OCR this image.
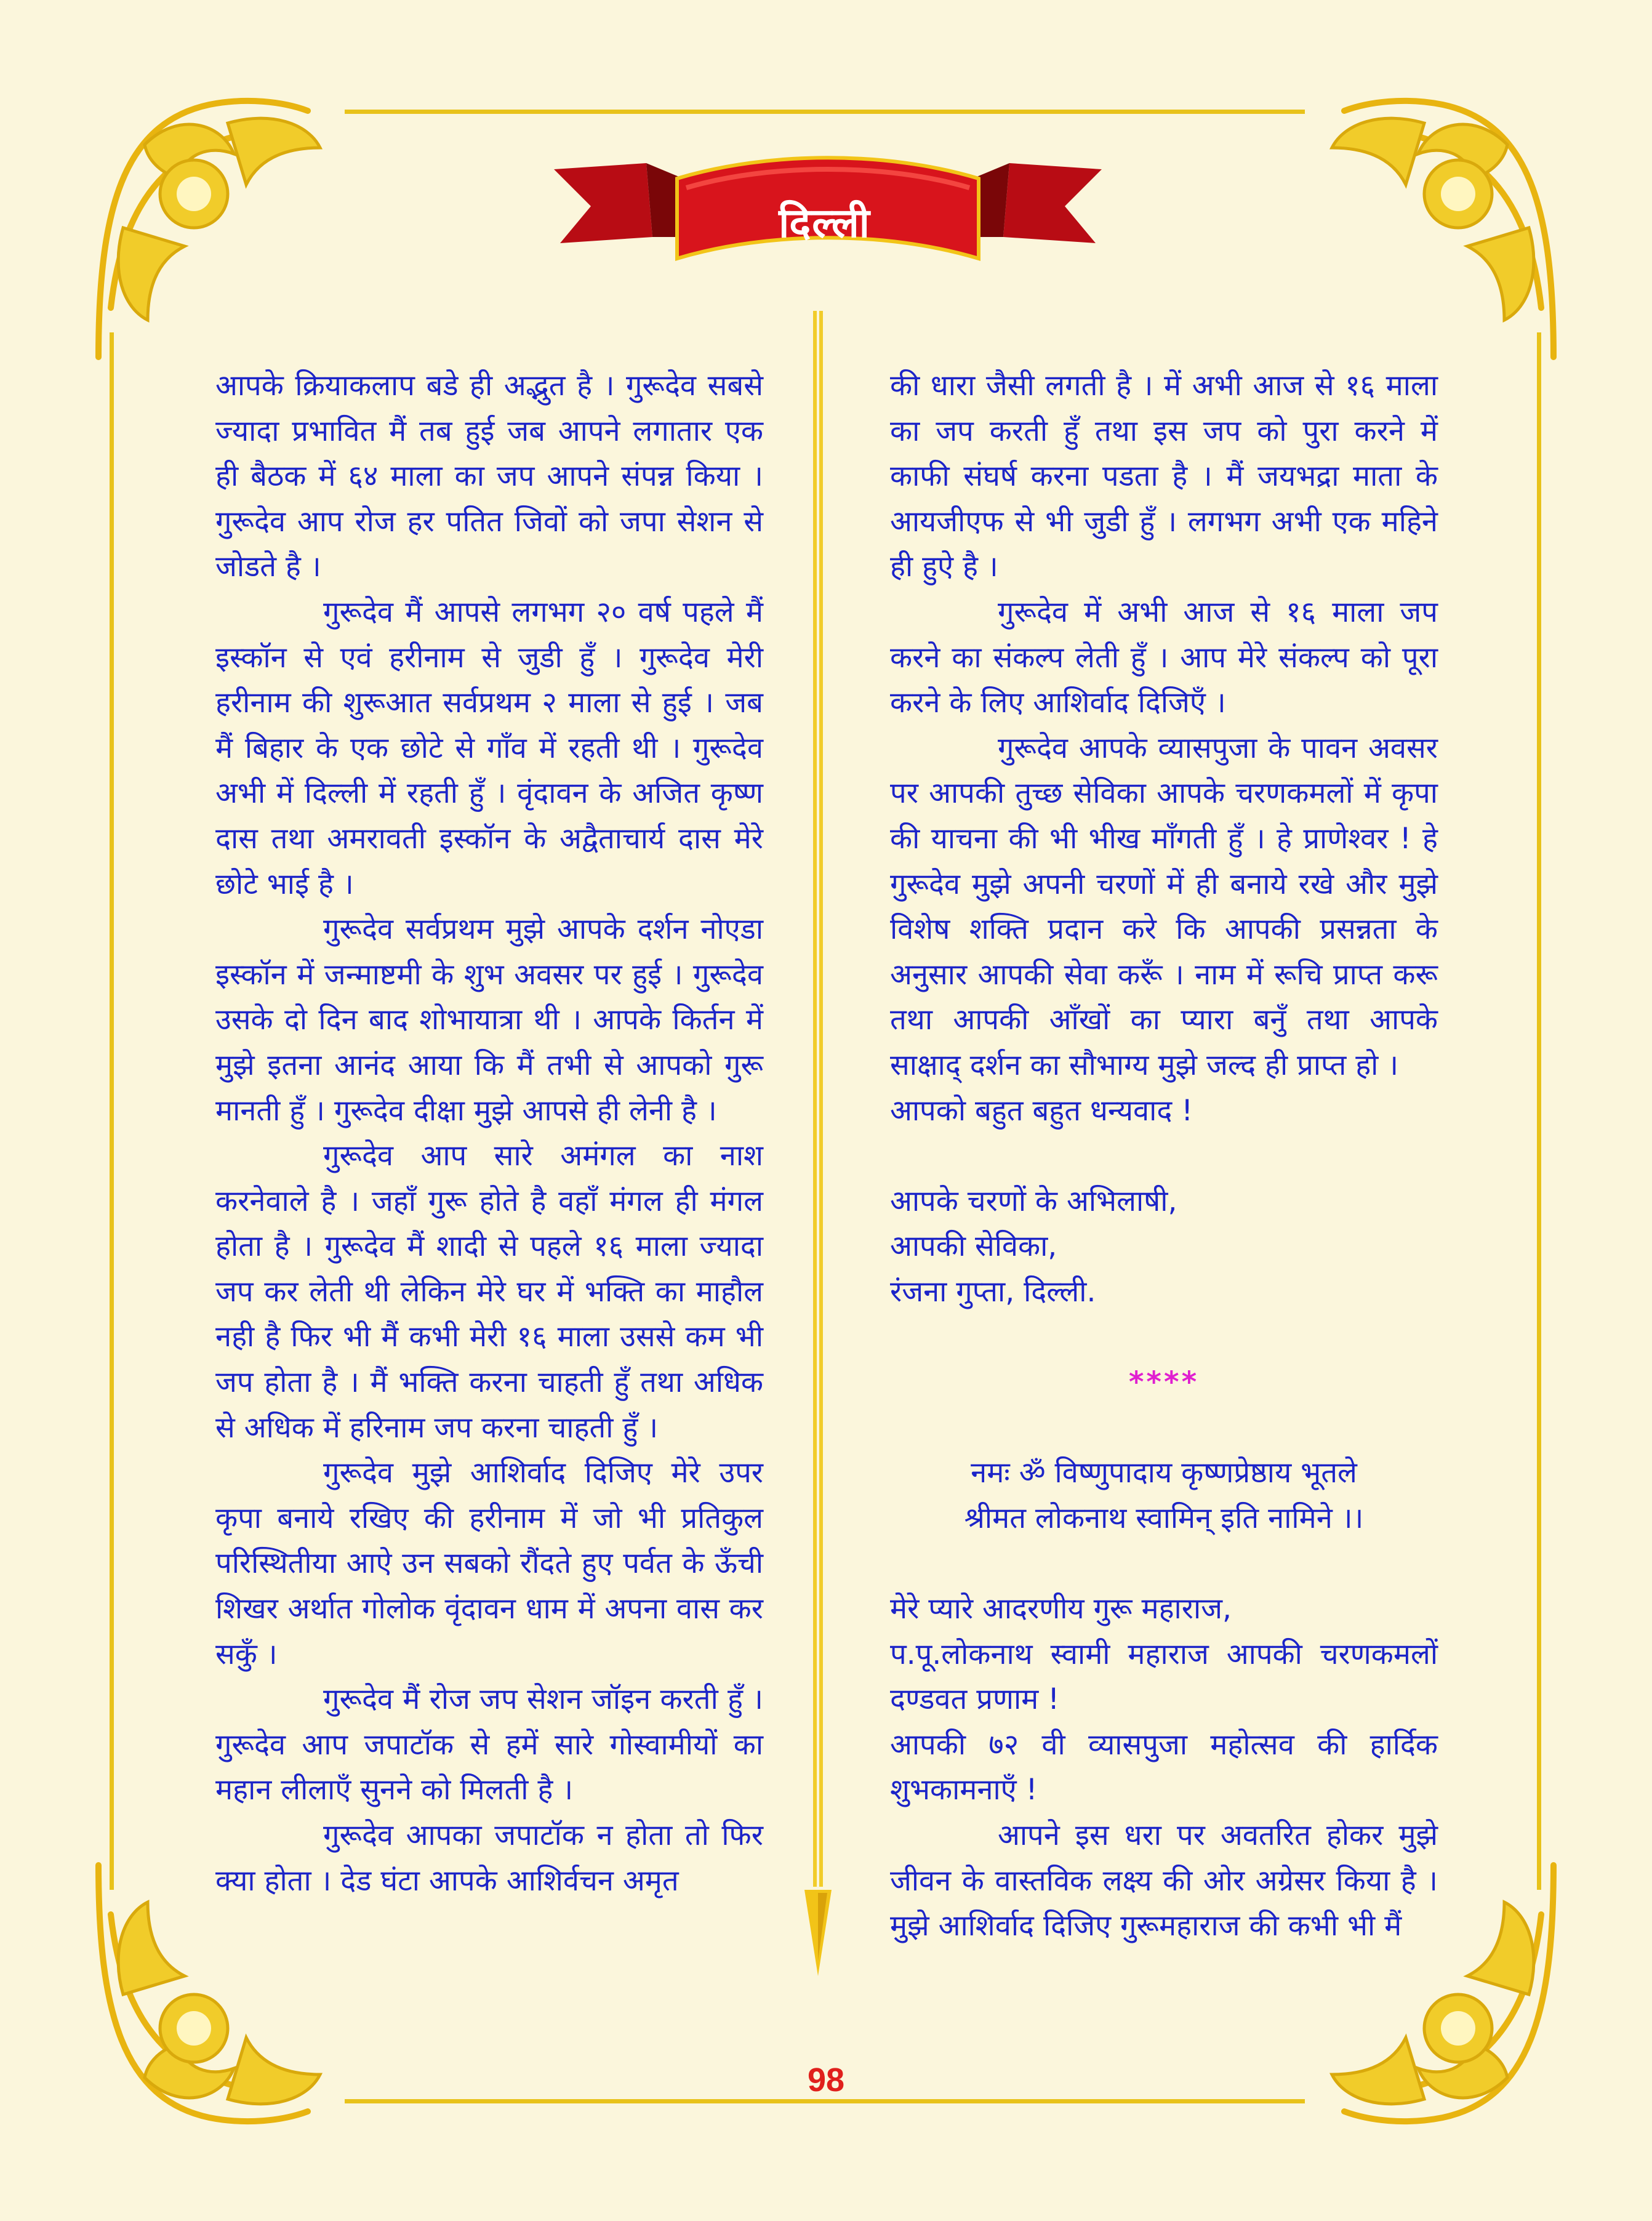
दिल्ली

आपके क्रियाकलाप बडे ही अद्भुत है । गुरूदेव सबसे ज्यादा प्रभावित मैं तब हुई जब आपने लगातार एक ही बैठक में ६४ माला का जप आपने संपन्न किया । गुरूदेव आप रोज हर पतित जिवों को जपा सेशन से जोडते है ।

गुरूदेव मैं आपसे लगभग २० वर्ष पहले मैं इस्कॉन से एवं हरीनाम से जुडी हुँ । गुरूदेव मेरी हरीनाम की शुरूआत सर्वप्रथम २ माला से हुई । जब मैं बिहार के एक छोटे से गाँव में रहती थी । गुरूदेव अभी में दिल्ली में रहती हुँ । वृंदावन के अजित कृष्ण दास तथा अमरावती इस्कॉन के अद्वैताचार्य दास मेरे छोटे भाई है ।

गुरूदेव सर्वप्रथम मुझे आपके दर्शन नोएडा इस्कॉन में जन्माष्टमी के शुभ अवसर पर हुई । गुरूदेव उसके दो दिन बाद शोभायात्रा थी । आपके किर्तन में मुझे इतना आनंद आया कि मैं तभी से आपको गुरू मानती हुँ । गुरूदेव दीक्षा मुझे आपसे ही लेनी है ।

गुरूदेव आप सारे अमंगल का नाश करनेवाले है । जहाँ गुरू होते है वहाँ मंगल ही मंगल होता है । गुरूदेव मैं शादी से पहले १६ माला ज्यादा जप कर लेती थी लेकिन मेरे घर में भक्ति का माहौल नही है फिर भी मैं कभी मेरी १६ माला उससे कम भी जप होता है । मैं भक्ति करना चाहती हुँ तथा अधिक से अधिक में हरिनाम जप करना चाहती हुँ ।

गुरूदेव मुझे आशिर्वाद दिजिए मेरे उपर कृपा बनाये रखिए की हरीनाम में जो भी प्रतिकुल परिस्थितीया आऐ उन सबको रौंदते हुए पर्वत के ऊँची शिखर अर्थात गोलोक वृंदावन धाम में अपना वास कर सकुँ ।

गुरूदेव मैं रोज जप सेशन जॉइन करती हुँ । गुरूदेव आप जपाटॉक से हमें सारे गोस्वामीयों का महान लीलाएँ सुनने को मिलती है ।

गुरूदेव आपका जपाटॉक न होता तो फिर क्या होता । देड घंटा आपके आशिर्वचन अमृत

की धारा जैसी लगती है । में अभी आज से १६ माला का जप करती हुँ तथा इस जप को पुरा करने में काफी संघर्ष करना पडता है । मैं जयभद्रा माता के आयजीएफ से भी जुडी हुँ । लगभग अभी एक महिने ही हुऐ है ।

गुरूदेव में अभी आज से १६ माला जप करने का संकल्प लेती हुँ । आप मेरे संकल्प को पूरा करने के लिए आशिर्वाद दिजिएँ ।

गुरूदेव आपके व्यासपुजा के पावन अवसर पर आपकी तुच्छ सेविका आपके चरणकमलों में कृपा की याचना की भी भीख माँगती हुँ । हे प्राणेश्वर ! हे गुरूदेव मुझे अपनी चरणों में ही बनाये रखे और मुझे विशेष शक्ति प्रदान करे कि आपकी प्रसन्नता के अनुसार आपकी सेवा करूँ । नाम में रूचि प्राप्त करू तथा आपकी आँखों का प्यारा बनुँ तथा आपके साक्षाद् दर्शन का सौभाग्य मुझे जल्द ही प्राप्त हो ।

आपको बहुत बहुत धन्यवाद !

आपके चरणों के अभिलाषी,

आपकी सेविका,

रंजना गुप्ता, दिल्ली.

****

नमः ॐ विष्णुपादाय कृष्णप्रेष्ठाय भूतले

श्रीमत लोकनाथ स्वामिन् इति नामिने ।।

मेरे प्यारे आदरणीय गुरू महाराज,

प.पू.लोकनाथ स्वामी महाराज आपकी चरणकमलों दण्डवत प्रणाम !

आपकी ७२ वी व्यासपुजा महोत्सव की हार्दिक शुभकामनाएँ !

आपने इस धरा पर अवतरित होकर मुझे जीवन के वास्तविक लक्ष्य की ओर अग्रेसर किया है । मुझे आशिर्वाद दिजिए गुरूमहाराज की कभी भी मैं

98
